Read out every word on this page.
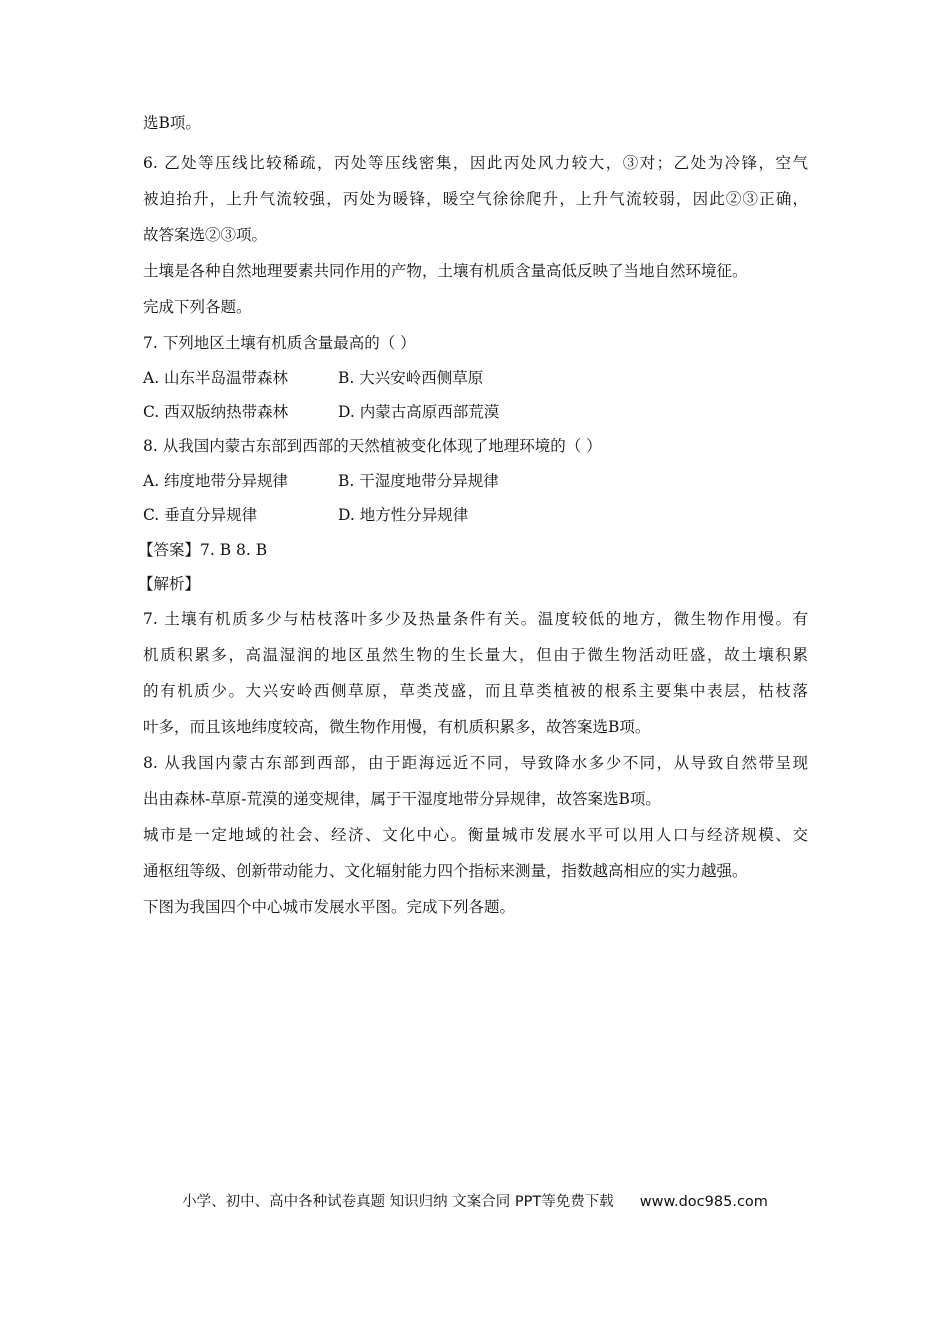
选B项。
6. 乙处等压线比较稀疏，丙处等压线密集，因此丙处风力较大，③对；乙处为冷锋，空气
被迫抬升，上升气流较强，丙处为暖锋，暖空气徐徐爬升，上升气流较弱，因此②③正确，
故答案选②③项。
土壤是各种自然地理要素共同作用的产物，土壤有机质含量高低反映了当地自然环境征。
完成下列各题。
7. 下列地区土壤有机质含量最高的（ ）
A. 山东半岛温带森林	B. 大兴安岭西侧草原
C. 西双版纳热带森林	D. 内蒙古高原西部荒漠
8. 从我国内蒙古东部到西部的天然植被变化体现了地理环境的（ ）
A. 纬度地带分异规律	B. 干湿度地带分异规律
C. 垂直分异规律	D. 地方性分异规律
【答案】7. B 8. B
【解析】
7. 土壤有机质多少与枯枝落叶多少及热量条件有关。温度较低的地方，微生物作用慢。有
机质积累多，高温湿润的地区虽然生物的生长量大，但由于微生物活动旺盛，故土壤积累
的有机质少。大兴安岭西侧草原，草类茂盛，而且草类植被的根系主要集中表层，枯枝落
叶多，而且该地纬度较高，微生物作用慢，有机质积累多，故答案选B项。
8. 从我国内蒙古东部到西部，由于距海远近不同，导致降水多少不同，从导致自然带呈现
出由森林-草原-荒漠的递变规律，属于干湿度地带分异规律，故答案选B项。
城市是一定地域的社会、经济、文化中心。衡量城市发展水平可以用人口与经济规模、交
通枢纽等级、创新带动能力、文化辐射能力四个指标来测量，指数越高相应的实力越强。
下图为我国四个中心城市发展水平图。完成下列各题。
小学、初中、高中各种试卷真题 知识归纳 文案合同 PPT等免费下载 www.doc985.com
